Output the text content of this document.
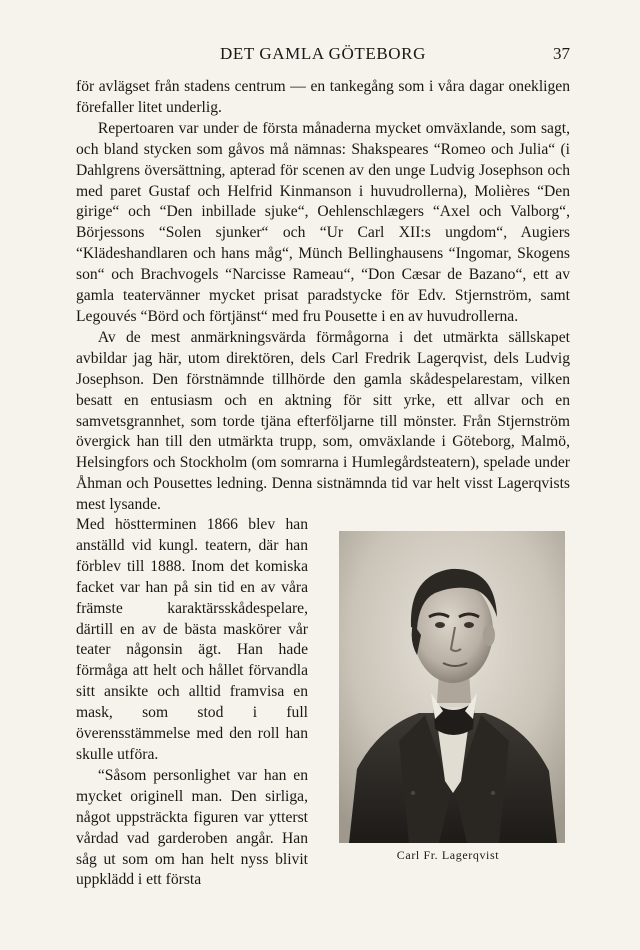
DET GAMLA GÖTEBORG	37

för avlägset från stadens centrum — en tankegång som i våra dagar onekligen förefaller litet underlig.

Repertoaren var under de första månaderna mycket omväxlande, som sagt, och bland stycken som gåvos må nämnas: Shakspeares “Romeo och Julia“ (i Dahlgrens översättning, apterad för scenen av den unge Ludvig Josephson och med paret Gustaf och Helfrid Kinmanson i huvudrollerna), Molières “Den girige“ och “Den inbillade sjuke“, Oehlenschlægers “Axel och Valborg“, Börjessons “Solen sjunker“ och “Ur Carl XII:s ungdom“, Augiers “Klädeshandlaren och hans måg“, Münch Bellinghausens “Ingomar, Skogens son“ och Brachvogels “Narcisse Rameau“, “Don Cæsar de Bazano“, ett av gamla teatervänner mycket prisat paradstycke för Edv. Stjernström, samt Legouvés “Börd och förtjänst“ med fru Pousette i en av huvudrollerna.

Av de mest anmärkningsvärda förmågorna i det utmärkta sällskapet avbildar jag här, utom direktören, dels Carl Fredrik Lagerqvist, dels Ludvig Josephson. Den förstnämnde tillhörde den gamla skådespelarestam, vilken besatt en entusiasm och en aktning för sitt yrke, ett allvar och en samvetsgrannhet, som torde tjäna efterföljarne till mönster. Från Stjernström övergick han till den utmärkta trupp, som, omväxlande i Göteborg, Malmö, Helsingfors och Stockholm (om somrarna i Humlegårdsteatern), spelade under Åhman och Pousettes ledning. Denna sistnämnda tid var helt visst Lagerqvists mest lysande.

Med höstterminen 1866 blev han anställd vid kungl. teatern, där han förblev till 1888. Inom det komiska facket var han på sin tid en av våra främste karaktärsskådespelare, därtill en av de bästa maskörer vår teater någonsin ägt. Han hade förmåga att helt och hållet förvandla sitt ansikte och alltid framvisa en mask, som stod i full överensstämmelse med den roll han skulle utföra.

“Såsom personlighet var han en mycket originell man. Den sirliga, något uppsträckta figuren var ytterst vårdad vad garderoben angår. Han såg ut som om han helt nyss blivit uppklädd i ett första

Carl Fr. Lagerqvist
